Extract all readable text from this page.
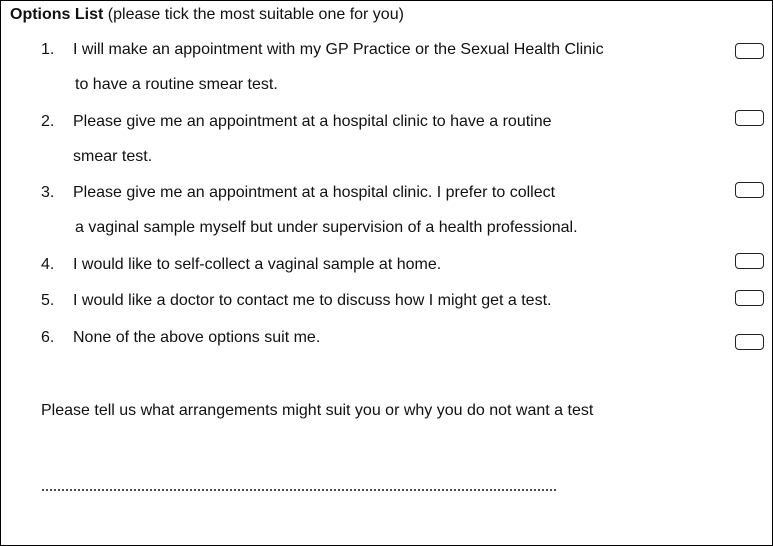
Options List (please tick the most suitable one for you)
1. I will make an appointment with my GP Practice or the Sexual Health Clinic
to have a routine smear test.
2. Please give me an appointment at a hospital clinic to have a routine
smear test.
3. Please give me an appointment at a hospital clinic. I prefer to collect
a vaginal sample myself but under supervision of a health professional.
4. I would like to self-collect a vaginal sample at home.
5. I would like a doctor to contact me to discuss how I might get a test.
6. None of the above options suit me.
Please tell us what arrangements might suit you or why you do not want a test
